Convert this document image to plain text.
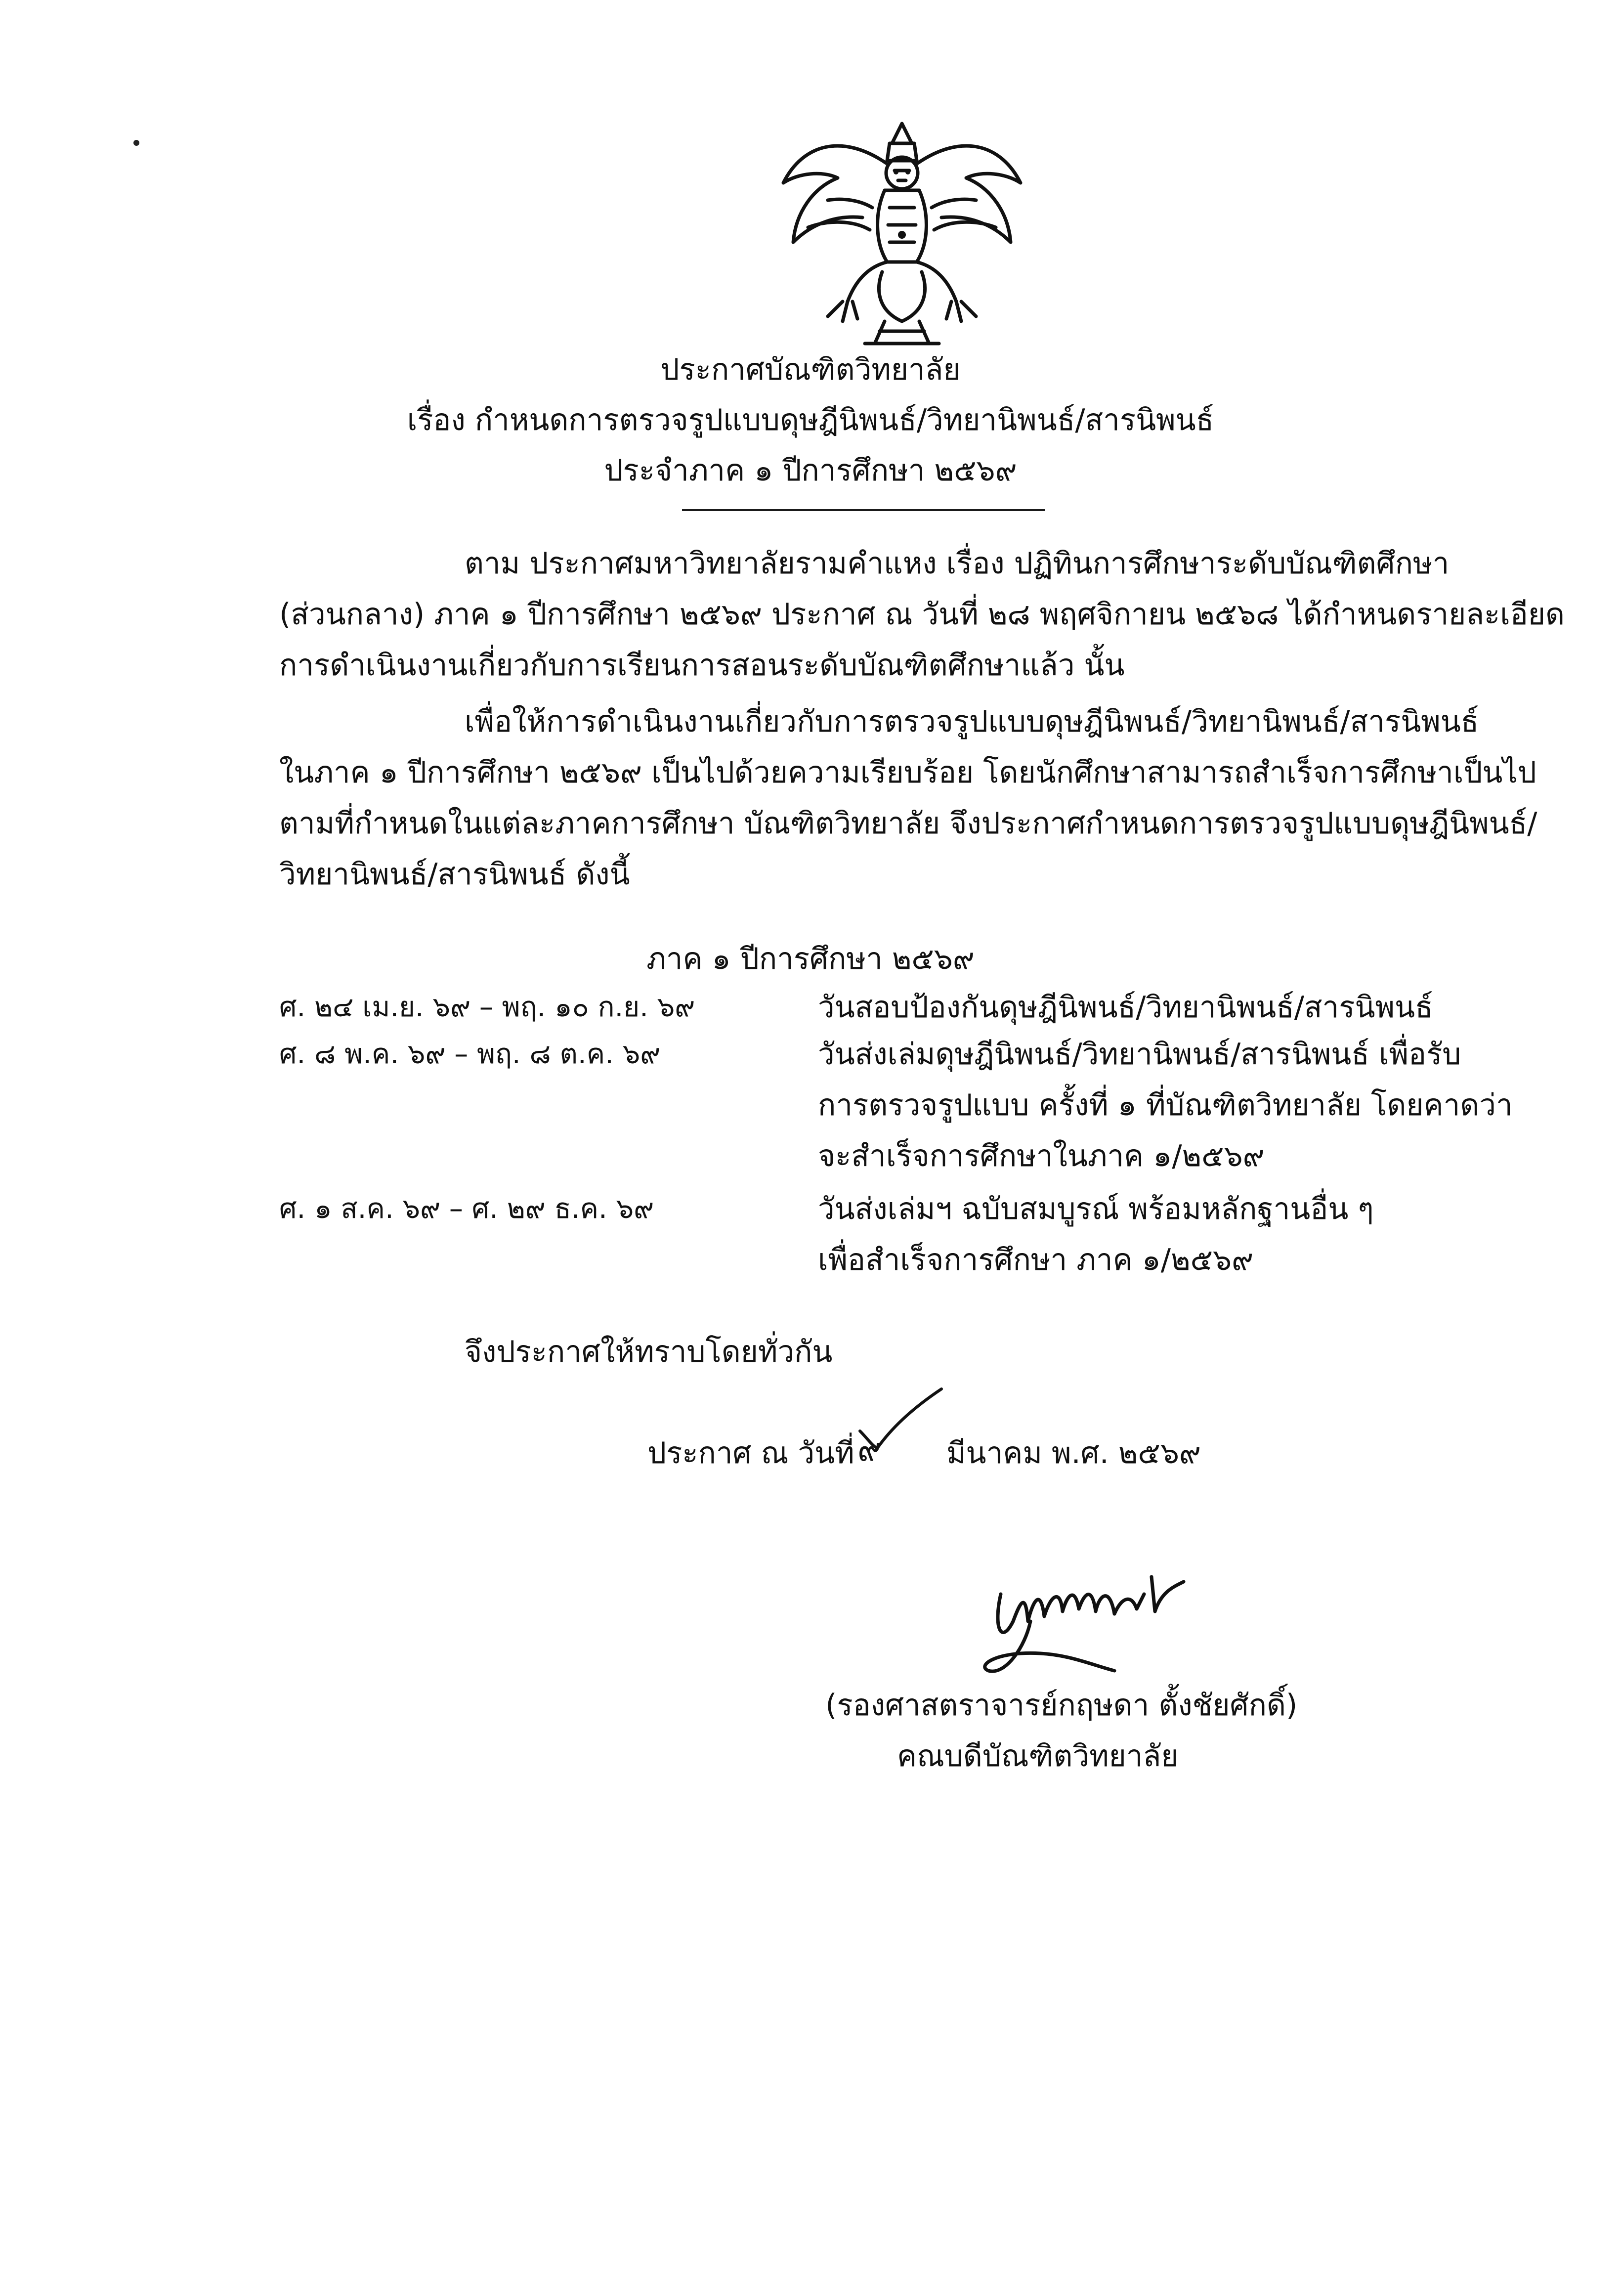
ประกาศบัณฑิตวิทยาลัย
เรื่อง กำหนดการตรวจรูปแบบดุษฎีนิพนธ์/วิทยานิพนธ์/สารนิพนธ์
ประจำภาค ๑ ปีการศึกษา ๒๕๖๙
ตาม ประกาศมหาวิทยาลัยรามคำแหง เรื่อง ปฏิทินการศึกษาระดับบัณฑิตศึกษา
(ส่วนกลาง) ภาค ๑ ปีการศึกษา ๒๕๖๙ ประกาศ ณ วันที่ ๒๘ พฤศจิกายน ๒๕๖๘ ได้กำหนดรายละเอียด
การดำเนินงานเกี่ยวกับการเรียนการสอนระดับบัณฑิตศึกษาแล้ว นั้น
เพื่อให้การดำเนินงานเกี่ยวกับการตรวจรูปแบบดุษฎีนิพนธ์/วิทยานิพนธ์/สารนิพนธ์
ในภาค ๑ ปีการศึกษา ๒๕๖๙ เป็นไปด้วยความเรียบร้อย โดยนักศึกษาสามารถสำเร็จการศึกษาเป็นไป
ตามที่กำหนดในแต่ละภาคการศึกษา บัณฑิตวิทยาลัย จึงประกาศกำหนดการตรวจรูปแบบดุษฎีนิพนธ์/
วิทยานิพนธ์/สารนิพนธ์ ดังนี้
ภาค ๑ ปีการศึกษา ๒๕๖๙
ศ. ๒๔ เม.ย. ๖๙ – พฤ. ๑๐ ก.ย. ๖๙	วันสอบป้องกันดุษฎีนิพนธ์/วิทยานิพนธ์/สารนิพนธ์
ศ. ๘ พ.ค. ๖๙ – พฤ. ๘ ต.ค. ๖๙	วันส่งเล่มดุษฎีนิพนธ์/วิทยานิพนธ์/สารนิพนธ์ เพื่อรับ
การตรวจรูปแบบ ครั้งที่ ๑ ที่บัณฑิตวิทยาลัย โดยคาดว่า
จะสำเร็จการศึกษาในภาค ๑/๒๕๖๙
ศ. ๑ ส.ค. ๖๙ – ศ. ๒๙ ธ.ค. ๖๙	วันส่งเล่มฯ ฉบับสมบูรณ์ พร้อมหลักฐานอื่น ๆ
เพื่อสำเร็จการศึกษา ภาค ๑/๒๕๖๙
จึงประกาศให้ทราบโดยทั่วกัน
ประกาศ ณ วันที่ ๙ มีนาคม พ.ศ. ๒๕๖๙
(รองศาสตราจารย์กฤษดา ตั้งชัยศักดิ์)
คณบดีบัณฑิตวิทยาลัย
